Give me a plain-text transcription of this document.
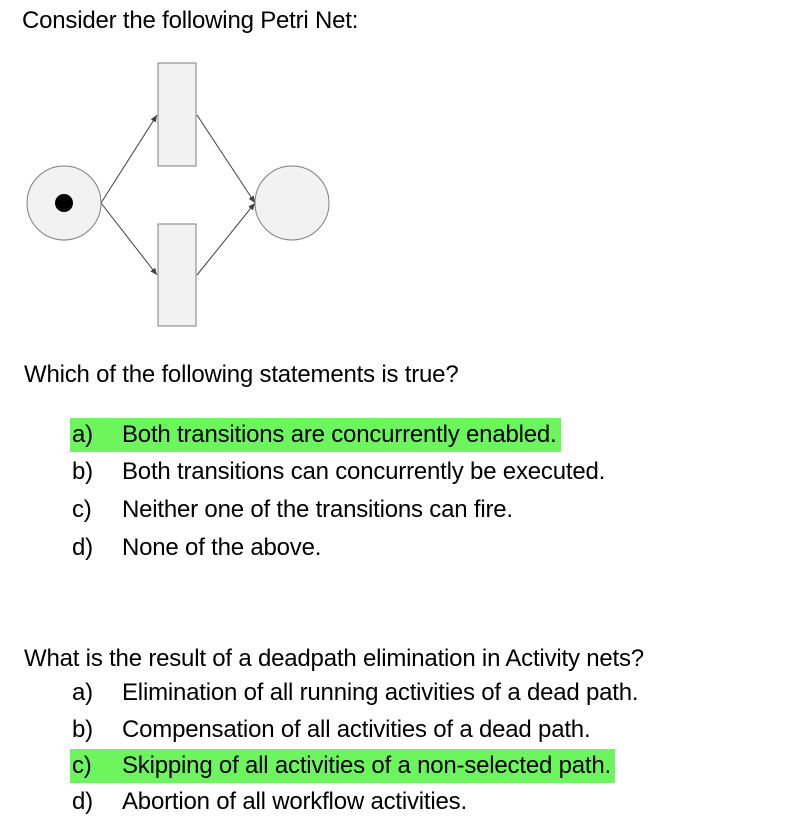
Consider the following Petri Net:
Which of the following statements is true?
a) Both transitions are concurrently enabled.
b) Both transitions can concurrently be executed.
c) Neither one of the transitions can fire.
d) None of the above.
What is the result of a deadpath elimination in Activity nets?
a) Elimination of all running activities of a dead path.
b) Compensation of all activities of a dead path.
c) Skipping of all activities of a non-selected path.
d) Abortion of all workflow activities.
